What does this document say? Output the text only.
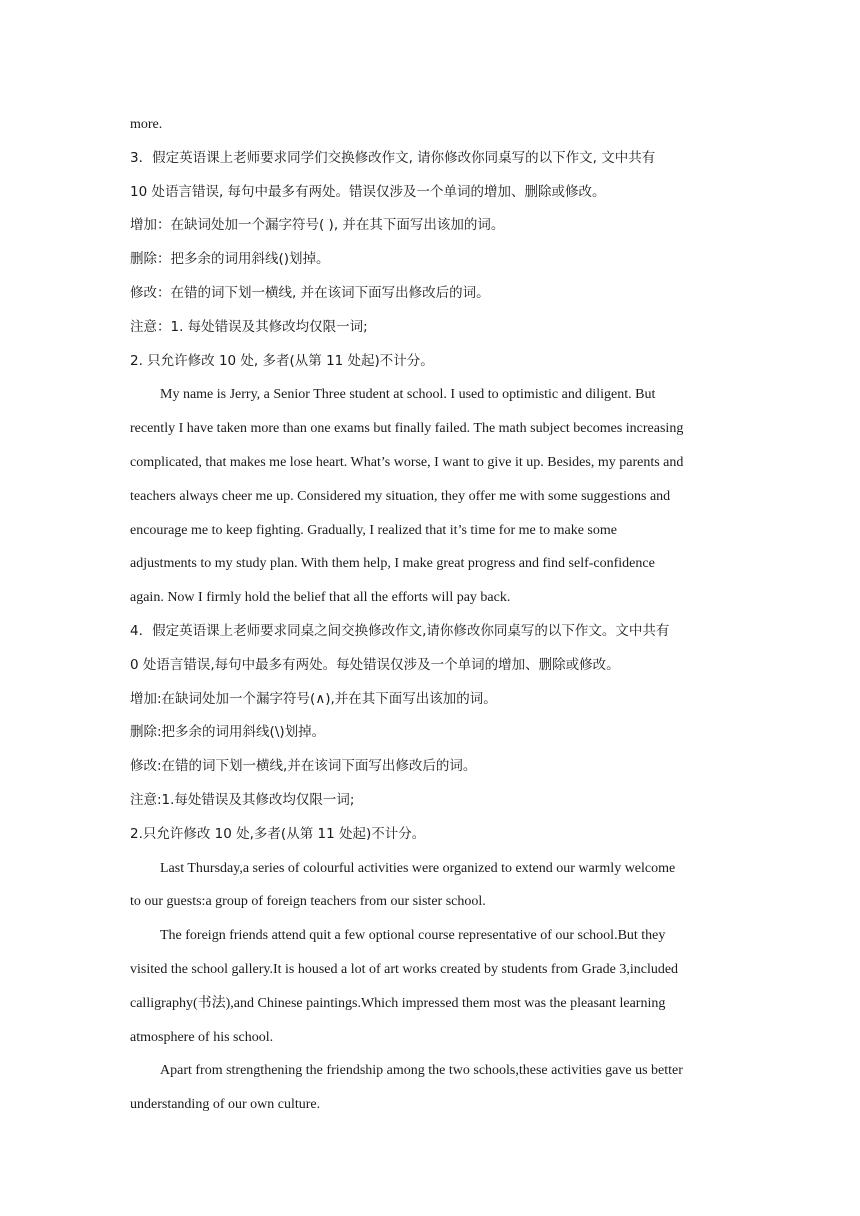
more.

3．假定英语课上老师要求同学们交换修改作文, 请你修改你同桌写的以下作文, 文中共有

10 处语言错误, 每句中最多有两处。错误仅涉及一个单词的增加、删除或修改。

增加：在缺词处加一个漏字符号( ), 并在其下面写出该加的词。

删除：把多余的词用斜线()划掉。

修改：在错的词下划一横线, 并在该词下面写出修改后的词。

注意：1. 每处错误及其修改均仅限一词;

2. 只允许修改 10 处, 多者(从第 11 处起)不计分。

My name is Jerry, a Senior Three student at school. I used to optimistic and diligent. But

recently I have taken more than one exams but finally failed. The math subject becomes increasing

complicated, that makes me lose heart. What’s worse, I want to give it up. Besides, my parents and

teachers always cheer me up. Considered my situation, they offer me with some suggestions and

encourage me to keep fighting. Gradually, I realized that it’s time for me to make some

adjustments to my study plan. With them help, I make great progress and find self-confidence

again. Now I firmly hold the belief that all the efforts will pay back.

4．假定英语课上老师要求同桌之间交换修改作文,请你修改你同桌写的以下作文。文中共有

0 处语言错误,每句中最多有两处。每处错误仅涉及一个单词的增加、删除或修改。

增加:在缺词处加一个漏字符号(∧),并在其下面写出该加的词。

删除:把多余的词用斜线(\)划掉。

修改:在错的词下划一横线,并在该词下面写出修改后的词。

注意:1.每处错误及其修改均仅限一词;

2.只允许修改 10 处,多者(从第 11 处起)不计分。

Last Thursday,a series of colourful activities were organized to extend our warmly welcome

to our guests:a group of foreign teachers from our sister school.

The foreign friends attend quit a few optional course representative of our school.But they

visited the school gallery.It is housed a lot of art works created by students from Grade 3,included

calligraphy(书法),and Chinese paintings.Which impressed them most was the pleasant learning

atmosphere of his school.

Apart from strengthening the friendship among the two schools,these activities gave us better

understanding of our own culture.
